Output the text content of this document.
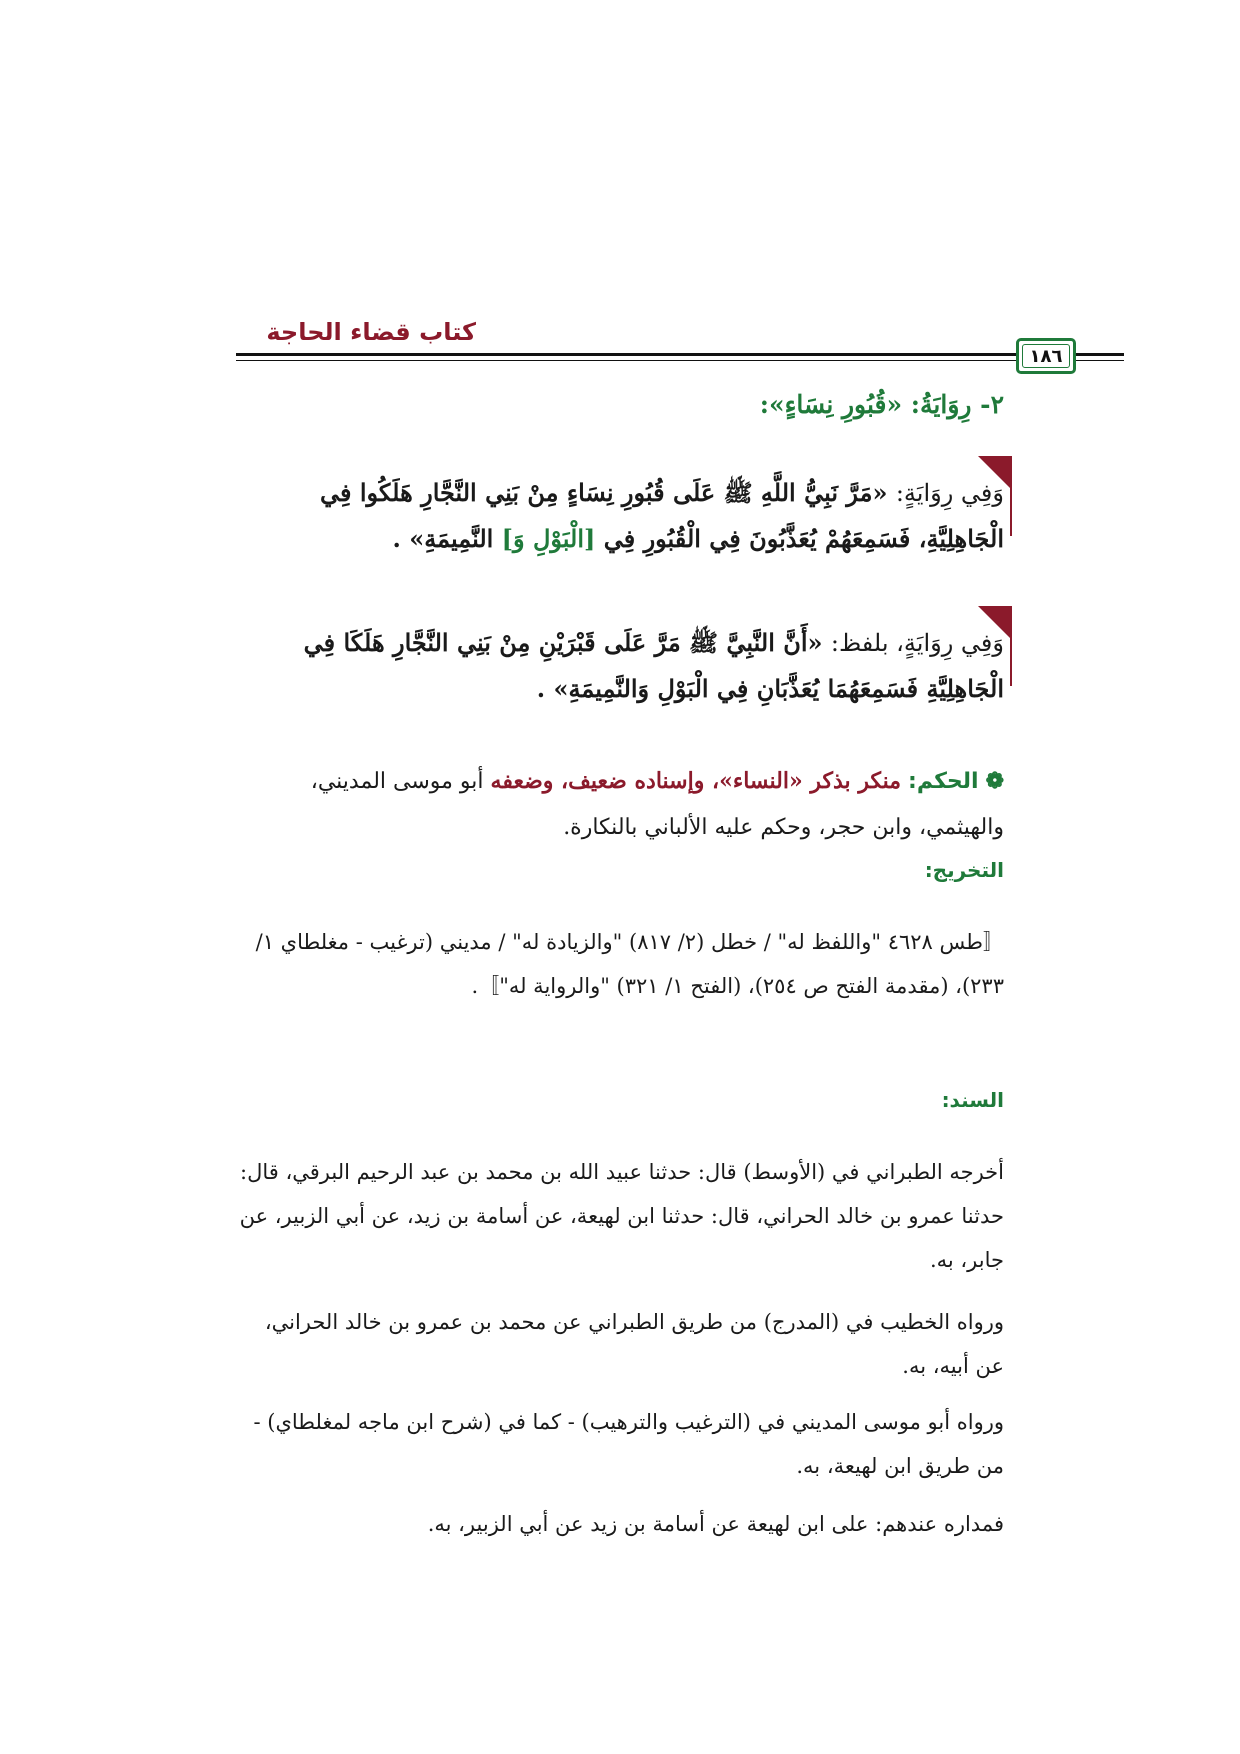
كتاب قضاء الحاجة
١٨٦
٢- رِوَايَةُ: «قُبُورِ نِسَاءٍ»:
وَفِي رِوَايَةٍ: «مَرَّ نَبِيُّ اللَّهِ ﷺ عَلَى قُبُورِ نِسَاءٍ مِنْ بَنِي النَّجَّارِ هَلَكُوا فِي الْجَاهِلِيَّةِ، فَسَمِعَهُمْ يُعَذَّبُونَ فِي الْقُبُورِ فِي [الْبَوْلِ وَ] النَّمِيمَةِ» .
وَفِي رِوَايَةٍ، بلفظ: «أَنَّ النَّبِيَّ ﷺ مَرَّ عَلَى قَبْرَيْنِ مِنْ بَنِي النَّجَّارِ هَلَكَا فِي الْجَاهِلِيَّةِ فَسَمِعَهُمَا يُعَذَّبَانِ فِي الْبَوْلِ وَالنَّمِيمَةِ» .
❁ الحكم: منكر بذكر «النساء»، وإسناده ضعيف، وضعفه أبو موسى المديني، والهيثمي، وابن حجر، وحكم عليه الألباني بالنكارة.
التخريج:
〚طس ٤٦٢٨ "واللفظ له" / خطل (٢/ ٨١٧) "والزيادة له" / مديني (ترغيب - مغلطاي ١/ ٢٣٣)، (مقدمة الفتح ص ٢٥٤)، (الفتح ١/ ٣٢١) "والرواية له"〛.
السند:
أخرجه الطبراني في (الأوسط) قال: حدثنا عبيد الله بن محمد بن عبد الرحيم البرقي، قال: حدثنا عمرو بن خالد الحراني، قال: حدثنا ابن لهيعة، عن أسامة بن زيد، عن أبي الزبير، عن جابر، به.
ورواه الخطيب في (المدرج) من طريق الطبراني عن محمد بن عمرو بن خالد الحراني، عن أبيه، به.
ورواه أبو موسى المديني في (الترغيب والترهيب) - كما في (شرح ابن ماجه لمغلطاي) - من طريق ابن لهيعة، به.
فمداره عندهم: على ابن لهيعة عن أسامة بن زيد عن أبي الزبير، به.
